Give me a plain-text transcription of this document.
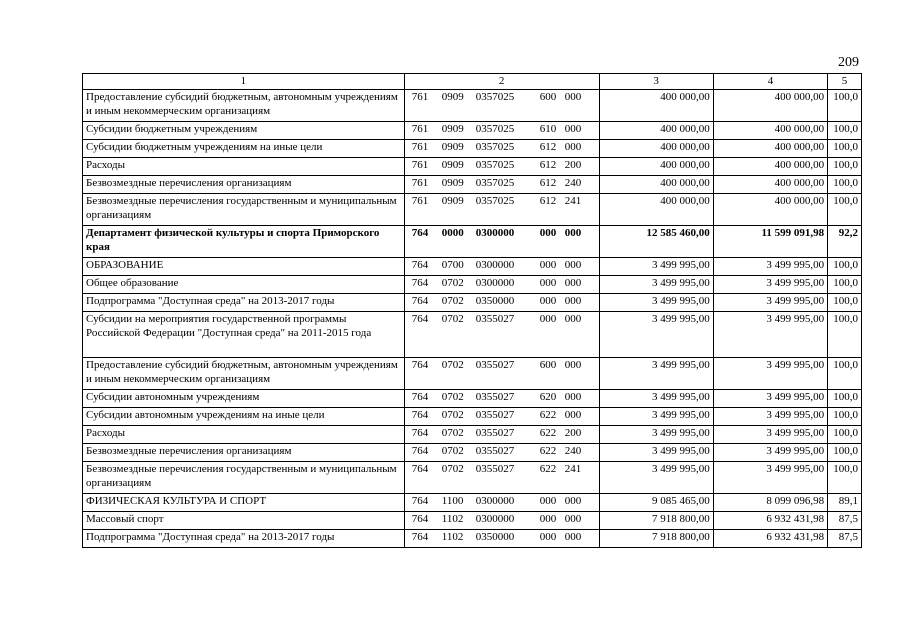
209
1	2	3	4	5
Предоставление субсидий бюджетным, автономным учреждениям и иным некоммерческим организациям	761 0909 0357025 600 000	400 000,00	400 000,00	100,0
Субсидии бюджетным учреждениям	761 0909 0357025 610 000	400 000,00	400 000,00	100,0
Субсидии бюджетным учреждениям на иные цели	761 0909 0357025 612 000	400 000,00	400 000,00	100,0
Расходы	761 0909 0357025 612 200	400 000,00	400 000,00	100,0
Безвозмездные перечисления организациям	761 0909 0357025 612 240	400 000,00	400 000,00	100,0
Безвозмездные перечисления государственным и муниципальным организациям	761 0909 0357025 612 241	400 000,00	400 000,00	100,0
Департамент физической культуры и спорта Приморского края	764 0000 0300000 000 000	12 585 460,00	11 599 091,98	92,2
ОБРАЗОВАНИЕ	764 0700 0300000 000 000	3 499 995,00	3 499 995,00	100,0
Общее образование	764 0702 0300000 000 000	3 499 995,00	3 499 995,00	100,0
Подпрограмма "Доступная среда" на 2013-2017 годы	764 0702 0350000 000 000	3 499 995,00	3 499 995,00	100,0
Субсидии на мероприятия государственной программы Российской Федерации "Доступная среда" на 2011-2015 года	764 0702 0355027 000 000	3 499 995,00	3 499 995,00	100,0
Предоставление субсидий бюджетным, автономным учреждениям и иным некоммерческим организациям	764 0702 0355027 600 000	3 499 995,00	3 499 995,00	100,0
Субсидии автономным учреждениям	764 0702 0355027 620 000	3 499 995,00	3 499 995,00	100,0
Субсидии автономным учреждениям на иные цели	764 0702 0355027 622 000	3 499 995,00	3 499 995,00	100,0
Расходы	764 0702 0355027 622 200	3 499 995,00	3 499 995,00	100,0
Безвозмездные перечисления организациям	764 0702 0355027 622 240	3 499 995,00	3 499 995,00	100,0
Безвозмездные перечисления государственным и муниципальным организациям	764 0702 0355027 622 241	3 499 995,00	3 499 995,00	100,0
ФИЗИЧЕСКАЯ КУЛЬТУРА И СПОРТ	764 1100 0300000 000 000	9 085 465,00	8 099 096,98	89,1
Массовый спорт	764 1102 0300000 000 000	7 918 800,00	6 932 431,98	87,5
Подпрограмма "Доступная среда" на 2013-2017 годы	764 1102 0350000 000 000	7 918 800,00	6 932 431,98	87,5
